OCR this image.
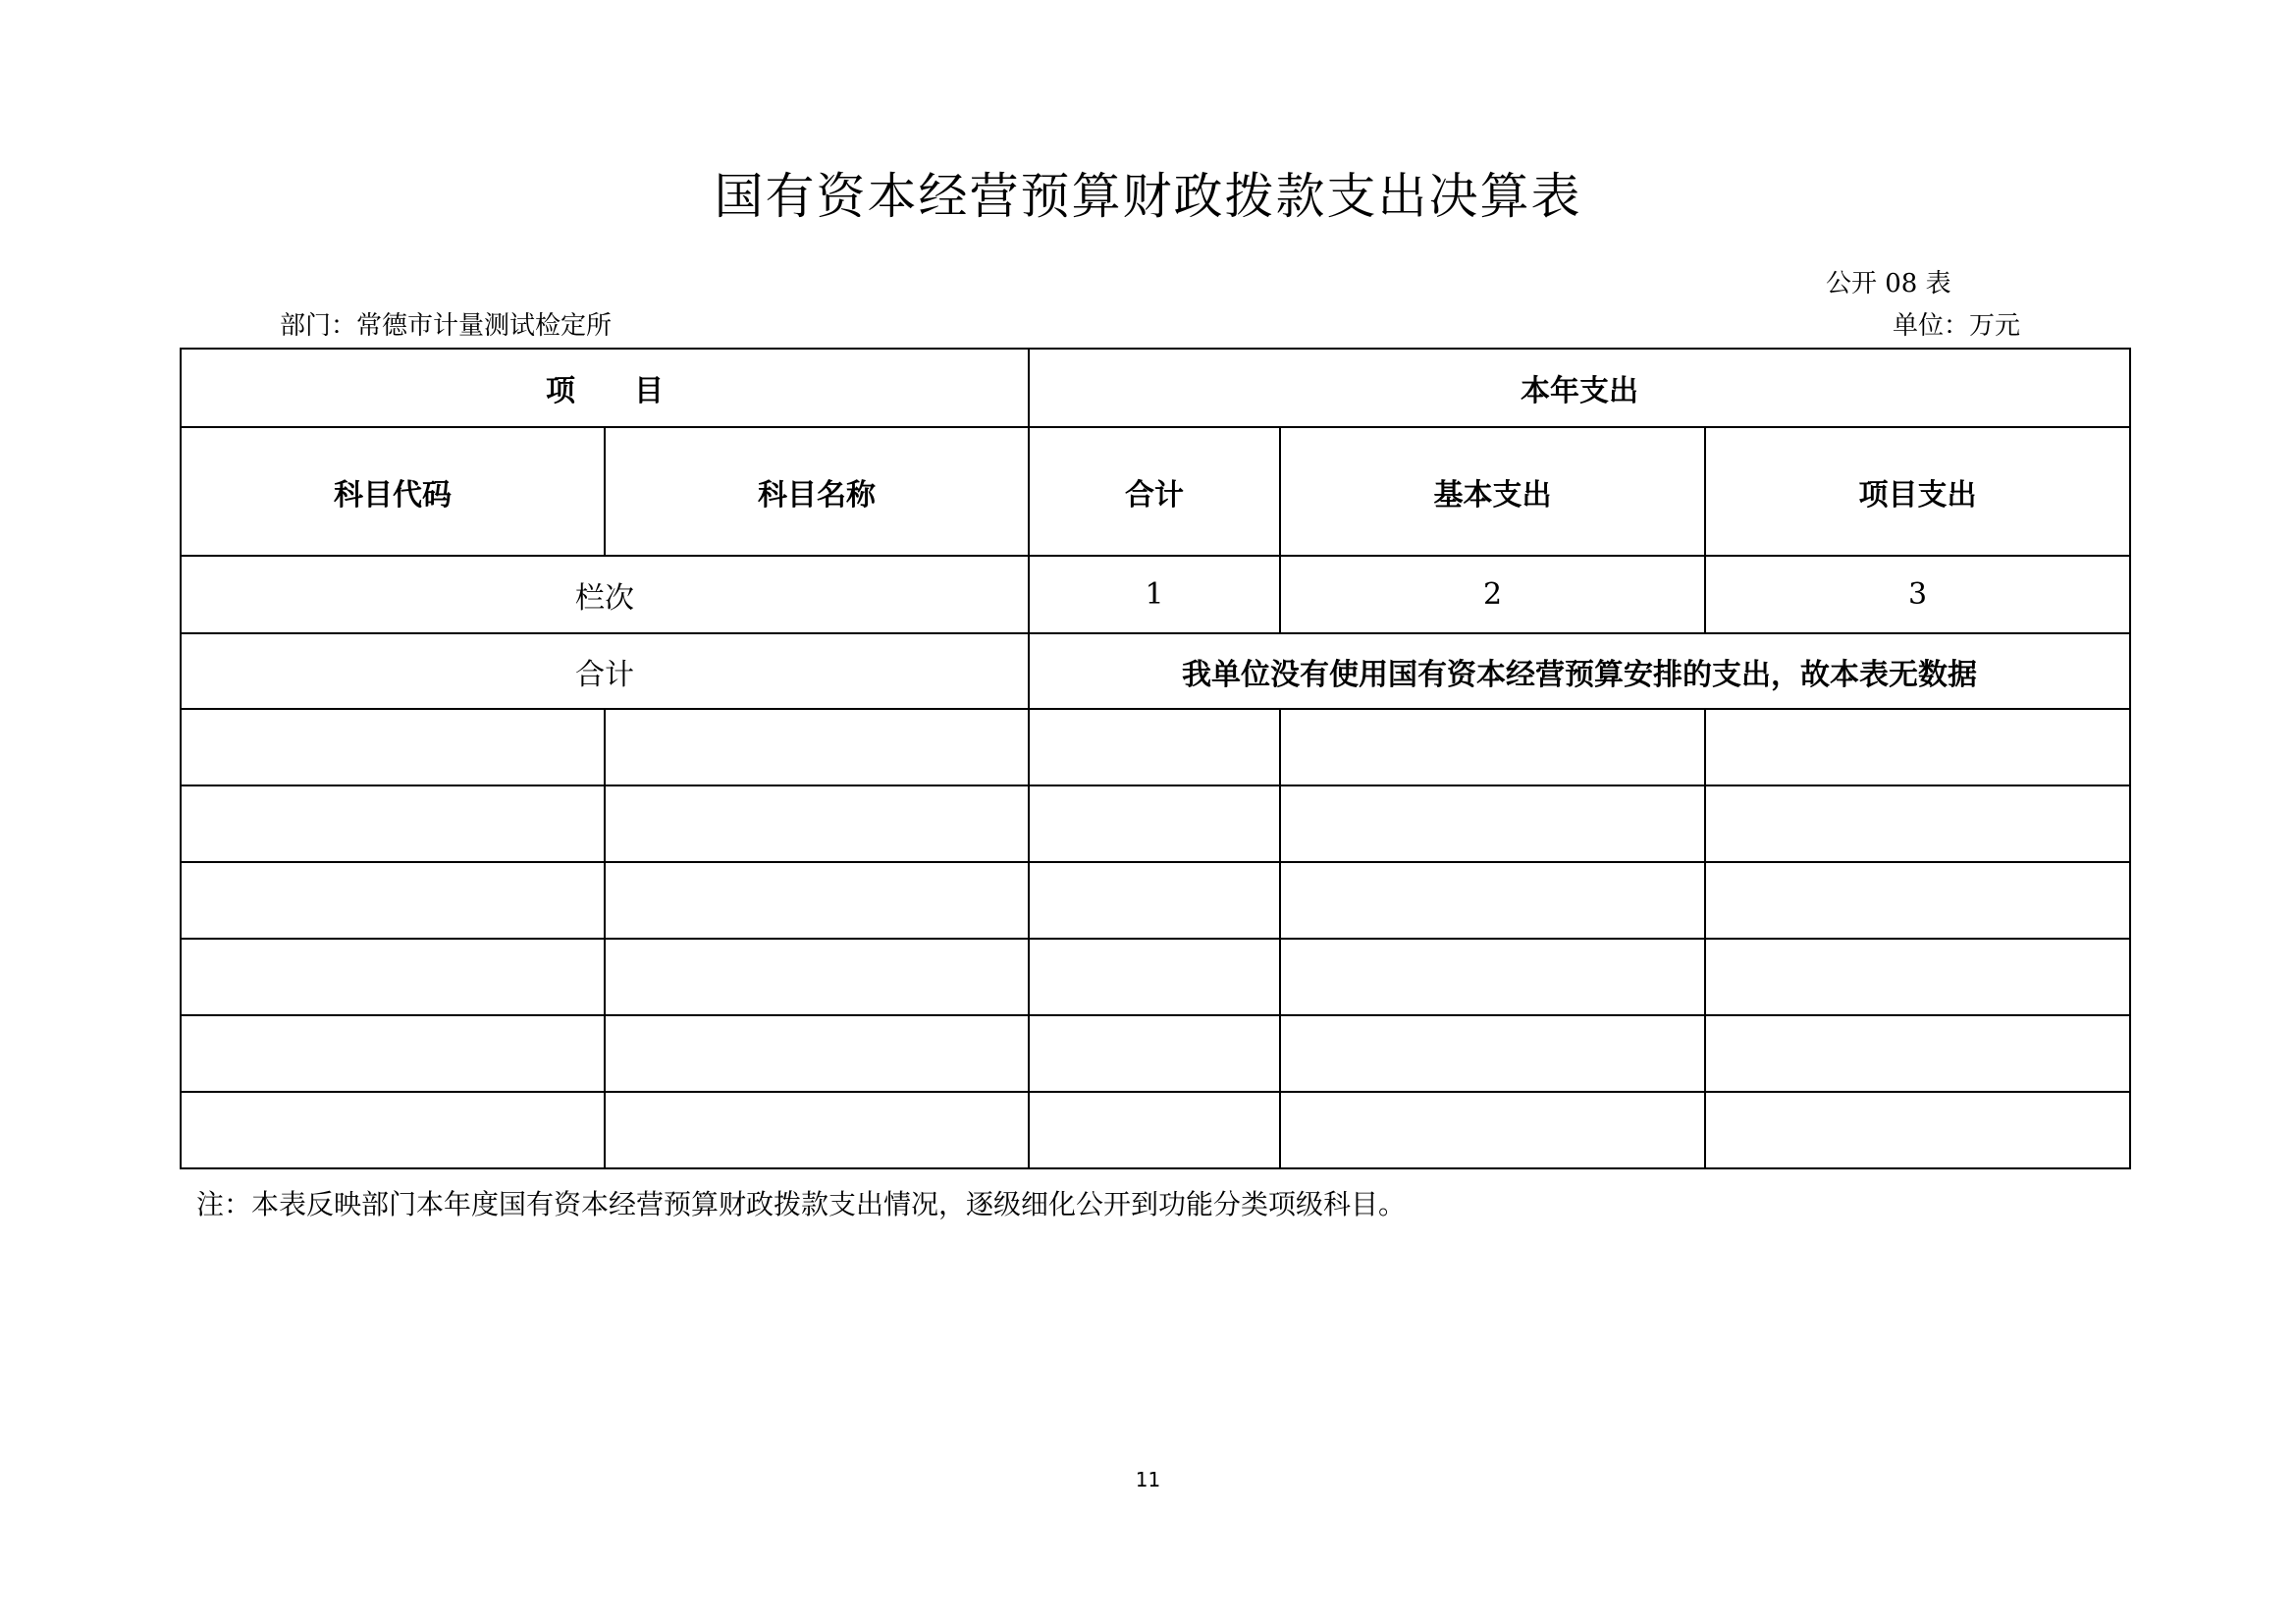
国有资本经营预算财政拨款支出决算表
公开 08 表
部门：常德市计量测试检定所	单位：万元
项　　目		本年支出		
科目代码	科目名称	合计	基本支出	项目支出
栏次		1	2	3
合计		我单位没有使用国有资本经营预算安排的支出，故本表无数据		

注：本表反映部门本年度国有资本经营预算财政拨款支出情况，逐级细化公开到功能分类项级科目。
11
